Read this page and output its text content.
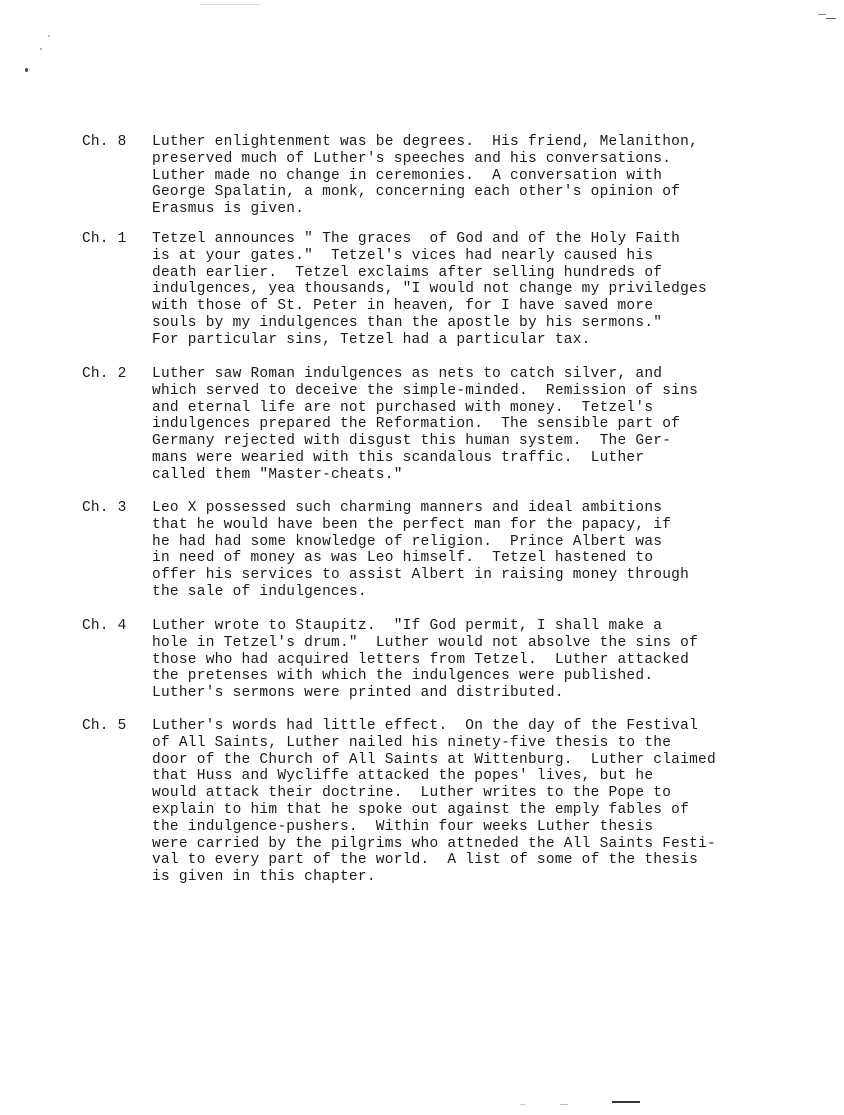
Ch. 8 Luther enlightenment was be degrees.  His friend, Melanithon,
preserved much of Luther's speeches and his conversations.
Luther made no change in ceremonies.  A conversation with
George Spalatin, a monk, concerning each other's opinion of
Erasmus is given.
Ch. 1 Tetzel announces " The graces  of God and of the Holy Faith
is at your gates."  Tetzel's vices had nearly caused his
death earlier.  Tetzel exclaims after selling hundreds of
indulgences, yea thousands, "I would not change my priviledges
with those of St. Peter in heaven, for I have saved more
souls by my indulgences than the apostle by his sermons."
For particular sins, Tetzel had a particular tax.
Ch. 2 Luther saw Roman indulgences as nets to catch silver, and
which served to deceive the simple-minded.  Remission of sins
and eternal life are not purchased with money.  Tetzel's
indulgences prepared the Reformation.  The sensible part of
Germany rejected with disgust this human system.  The Ger-
mans were wearied with this scandalous traffic.  Luther
called them "Master-cheats."
Ch. 3 Leo X possessed such charming manners and ideal ambitions
that he would have been the perfect man for the papacy, if
he had had some knowledge of religion.  Prince Albert was
in need of money as was Leo himself.  Tetzel hastened to
offer his services to assist Albert in raising money through
the sale of indulgences.
Ch. 4 Luther wrote to Staupitz.  "If God permit, I shall make a
hole in Tetzel's drum."  Luther would not absolve the sins of
those who had acquired letters from Tetzel.  Luther attacked
the pretenses with which the indulgences were published.
Luther's sermons were printed and distributed.
Ch. 5 Luther's words had little effect.  On the day of the Festival
of All Saints, Luther nailed his ninety-five thesis to the
door of the Church of All Saints at Wittenburg.  Luther claimed
that Huss and Wycliffe attacked the popes' lives, but he
would attack their doctrine.  Luther writes to the Pope to
explain to him that he spoke out against the emply fables of
the indulgence-pushers.  Within four weeks Luther thesis
were carried by the pilgrims who attneded the All Saints Festi-
val to every part of the world.  A list of some of the thesis
is given in this chapter.
